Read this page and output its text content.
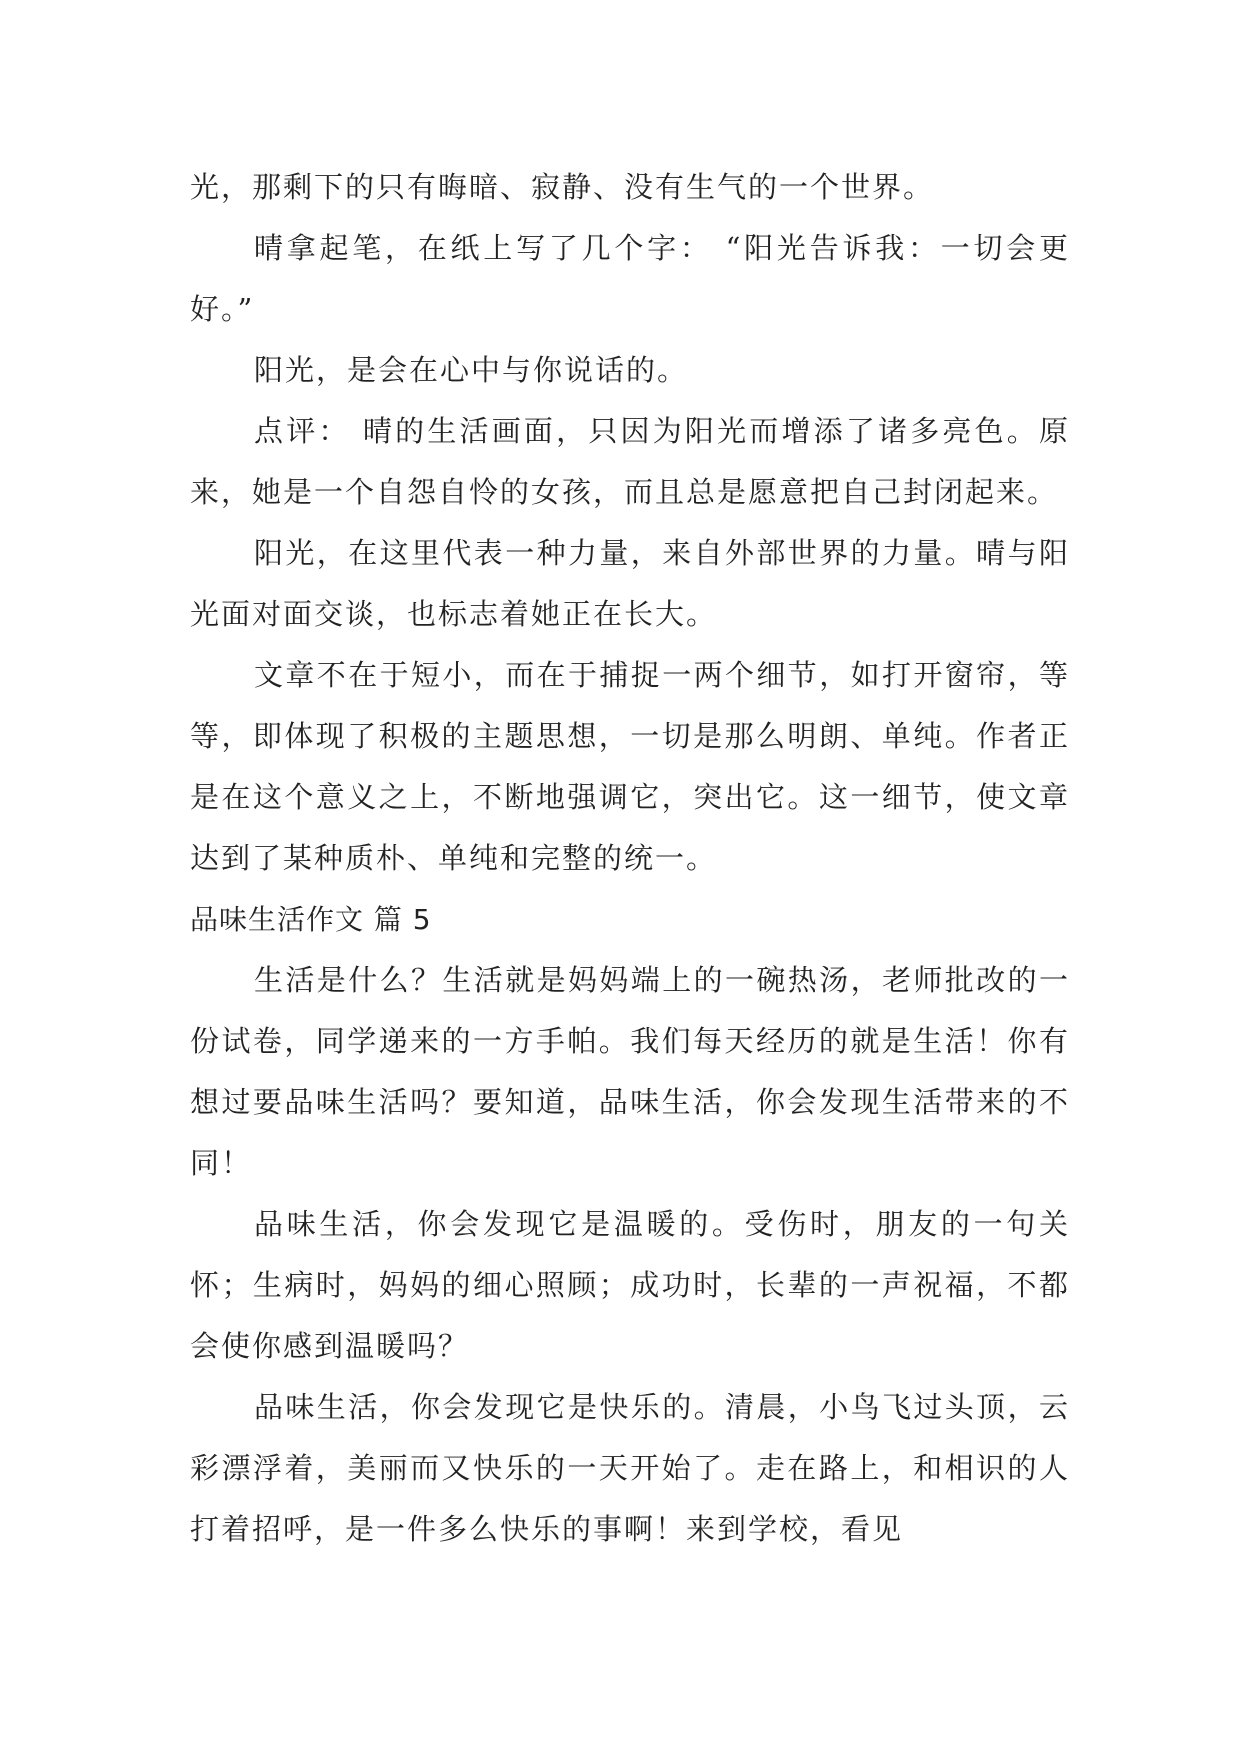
光，那剩下的只有晦暗、寂静、没有生气的一个世界。

晴拿起笔，在纸上写了几个字： “阳光告诉我：一切会更好。”

阳光，是会在心中与你说话的。

点评： 晴的生活画面，只因为阳光而增添了诸多亮色。原来，她是一个自怨自怜的女孩，而且总是愿意把自己封闭起来。

阳光，在这里代表一种力量，来自外部世界的力量。晴与阳光面对面交谈，也标志着她正在长大。

文章不在于短小，而在于捕捉一两个细节，如打开窗帘，等等，即体现了积极的主题思想，一切是那么明朗、单纯。作者正是在这个意义之上，不断地强调它，突出它。这一细节，使文章达到了某种质朴、单纯和完整的统一。

品味生活作文 篇 5

生活是什么？生活就是妈妈端上的一碗热汤，老师批改的一份试卷，同学递来的一方手帕。我们每天经历的就是生活！你有想过要品味生活吗？要知道，品味生活，你会发现生活带来的不同！

品味生活，你会发现它是温暖的。受伤时，朋友的一句关怀；生病时，妈妈的细心照顾；成功时，长辈的一声祝福，不都会使你感到温暖吗？

品味生活，你会发现它是快乐的。清晨，小鸟飞过头顶，云彩漂浮着，美丽而又快乐的一天开始了。走在路上，和相识的人打着招呼，是一件多么快乐的事啊！来到学校，看见
